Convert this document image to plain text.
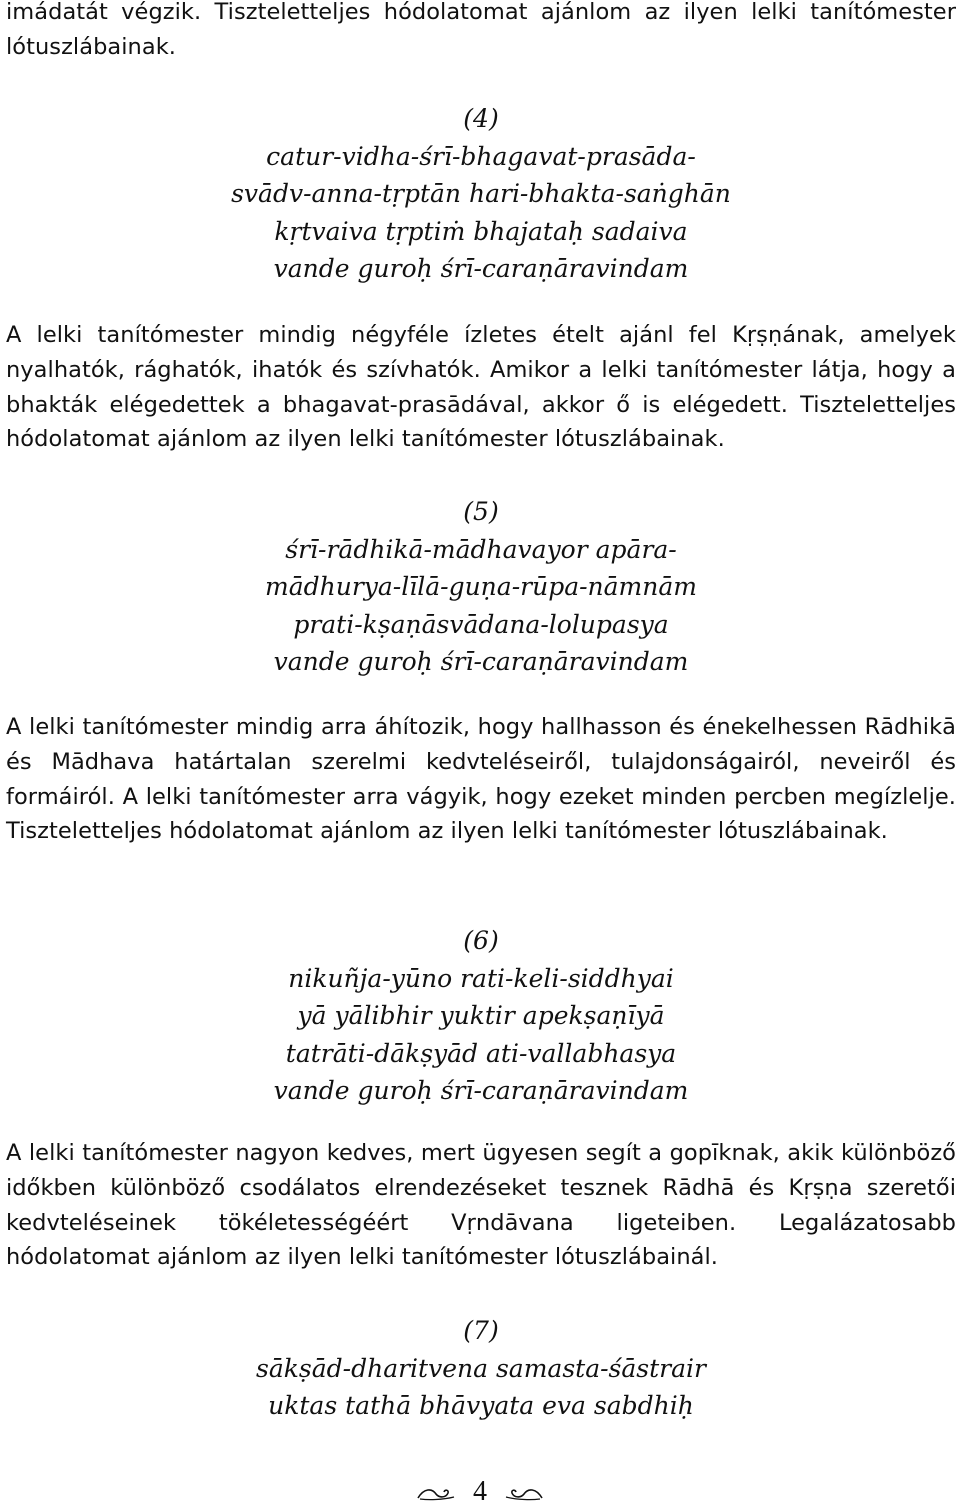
imádatát végzik. Tiszteletteljes hódolatomat ajánlom az ilyen lelki tanítómester lótuszlábainak.

(4)
catur-vidha-śrī-bhagavat-prasāda-
svādv-anna-tṛptān hari-bhakta-saṅghān
kṛtvaiva tṛptiṁ bhajataḥ sadaiva
vande guroḥ śrī-caraṇāravindam

A lelki tanítómester mindig négyféle ízletes ételt ajánl fel Kṛṣṇának, amelyek nyalhatók, rághatók, ihatók és szívhatók. Amikor a lelki tanítómester látja, hogy a bhakták elégedettek a bhagavat-prasādával, akkor ő is elégedett. Tiszteletteljes hódolatomat ajánlom az ilyen lelki tanítómester lótuszlábainak.

(5)
śrī-rādhikā-mādhavayor apāra-
mādhurya-līlā-guṇa-rūpa-nāmnām
prati-kṣaṇāsvādana-lolupasya
vande guroḥ śrī-caraṇāravindam

A lelki tanítómester mindig arra áhítozik, hogy hallhasson és énekelhessen Rādhikā és Mādhava határtalan szerelmi kedvteléseiről, tulajdonságairól, neveiről és formáiról. A lelki tanítómester arra vágyik, hogy ezeket minden percben megízlelje. Tiszteletteljes hódolatomat ajánlom az ilyen lelki tanítómester lótuszlábainak.

(6)
nikuñja-yūno rati-keli-siddhyai
yā yālibhir yuktir apekṣaṇīyā
tatrāti-dākṣyād ati-vallabhasya
vande guroḥ śrī-caraṇāravindam

A lelki tanítómester nagyon kedves, mert ügyesen segít a gopīknak, akik különböző időkben különböző csodálatos elrendezéseket tesznek Rādhā és Kṛṣṇa szeretői kedvteléseinek tökéletességéért Vṛndāvana ligeteiben. Legalázatosabb hódolatomat ajánlom az ilyen lelki tanítómester lótuszlábainál.

(7)
sākṣād-dharitvena samasta-śāstrair
uktas tathā bhāvyata eva sabdhiḥ
4
